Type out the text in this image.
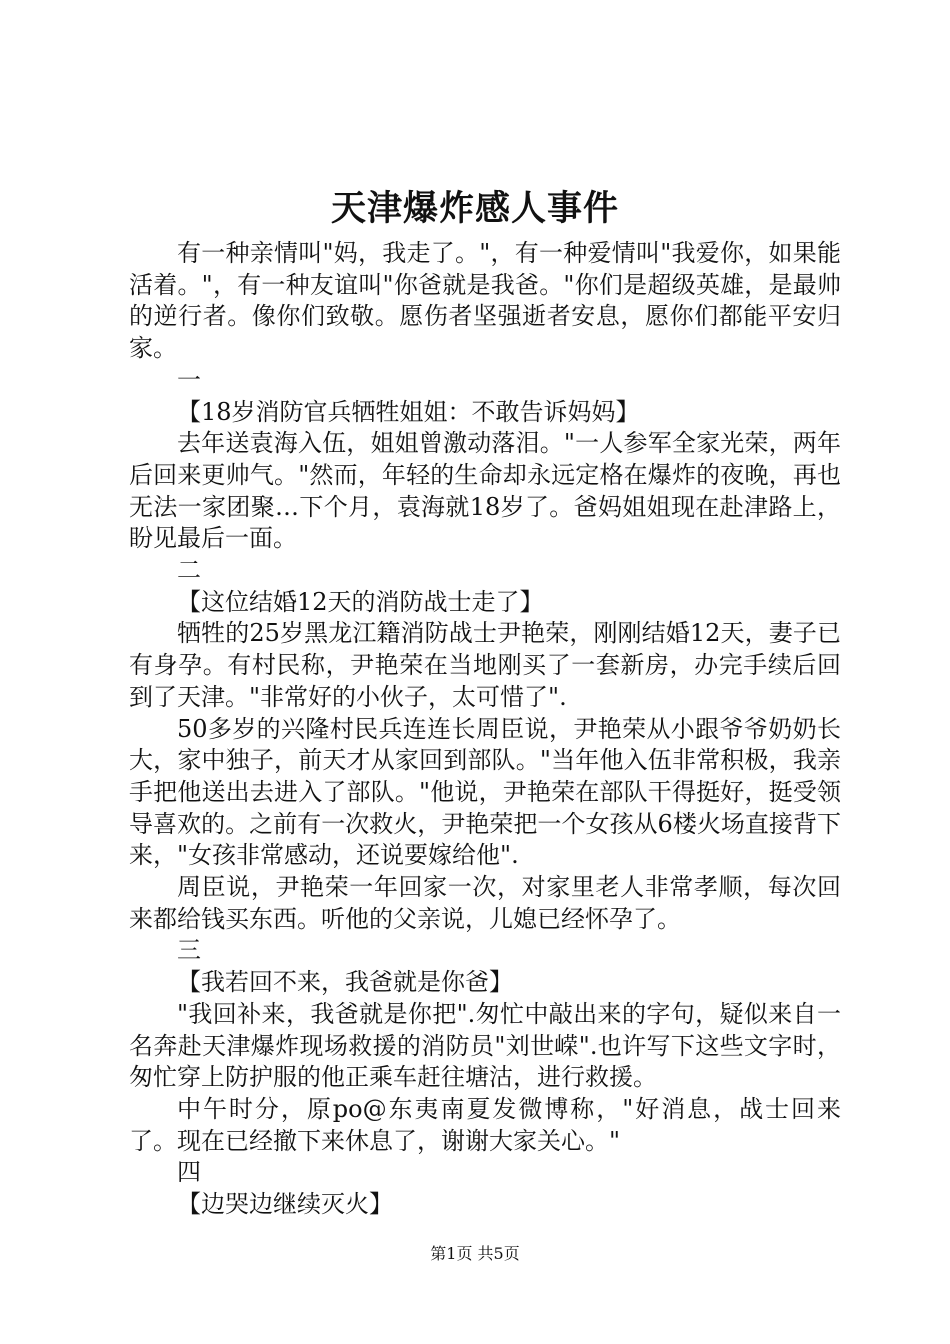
天津爆炸感人事件

有一种亲情叫"妈，我走了。"，有一种爱情叫"我爱你，如果能活着。"，有一种友谊叫"你爸就是我爸。"你们是超级英雄，是最帅的逆行者。像你们致敬。愿伤者坚强逝者安息，愿你们都能平安归家。

一

【18岁消防官兵牺牲姐姐：不敢告诉妈妈】

去年送袁海入伍，姐姐曾激动落泪。"一人参军全家光荣，两年后回来更帅气。"然而，年轻的生命却永远定格在爆炸的夜晚，再也无法一家团聚…下个月，袁海就18岁了。爸妈姐姐现在赴津路上，盼见最后一面。

二

【这位结婚12天的消防战士走了】

牺牲的25岁黑龙江籍消防战士尹艳荣，刚刚结婚12天，妻子已有身孕。有村民称，尹艳荣在当地刚买了一套新房，办完手续后回到了天津。"非常好的小伙子，太可惜了".

50多岁的兴隆村民兵连连长周臣说，尹艳荣从小跟爷爷奶奶长大，家中独子，前天才从家回到部队。"当年他入伍非常积极，我亲手把他送出去进入了部队。"他说，尹艳荣在部队干得挺好，挺受领导喜欢的。之前有一次救火，尹艳荣把一个女孩从6楼火场直接背下来，"女孩非常感动，还说要嫁给他".

周臣说，尹艳荣一年回家一次，对家里老人非常孝顺，每次回来都给钱买东西。听他的父亲说，儿媳已经怀孕了。

三

【我若回不来，我爸就是你爸】

"我回补来，我爸就是你把".匆忙中敲出来的字句，疑似来自一名奔赴天津爆炸现场救援的消防员"刘世嵘".也许写下这些文字时，匆忙穿上防护服的他正乘车赶往塘沽，进行救援。

中午时分，原po@东夷南夏发微博称，"好消息，战士回来了。现在已经撤下来休息了，谢谢大家关心。"

四

【边哭边继续灭火】

第1页 共5页
